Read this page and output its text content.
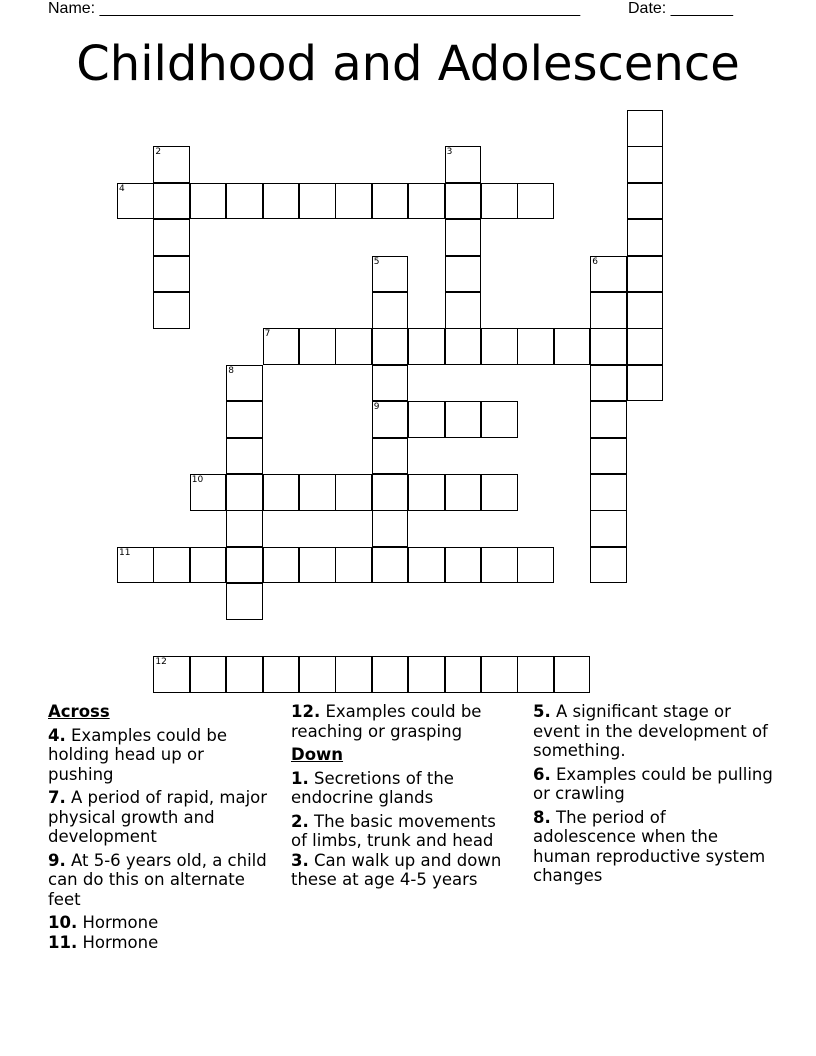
Name: ______________________________________________________	Date: _______
Childhood and Adolescence
2	3
4
5
9
6
7
8
10
11
12
Across
4. Examples could be holding head up or pushing
7. A period of rapid, major physical growth and development
9. At 5-6 years old, a child can do this on alternate feet
10. Hormone
11. Hormone
12. Examples could be reaching or grasping
Down
1. Secretions of the endocrine glands
2. The basic movements of limbs, trunk and head
3. Can walk up and down these at age 4-5 years
5. A significant stage or event in the development of something.
6. Examples could be pulling or crawling
8. The period of adolescence when the human reproductive system changes
